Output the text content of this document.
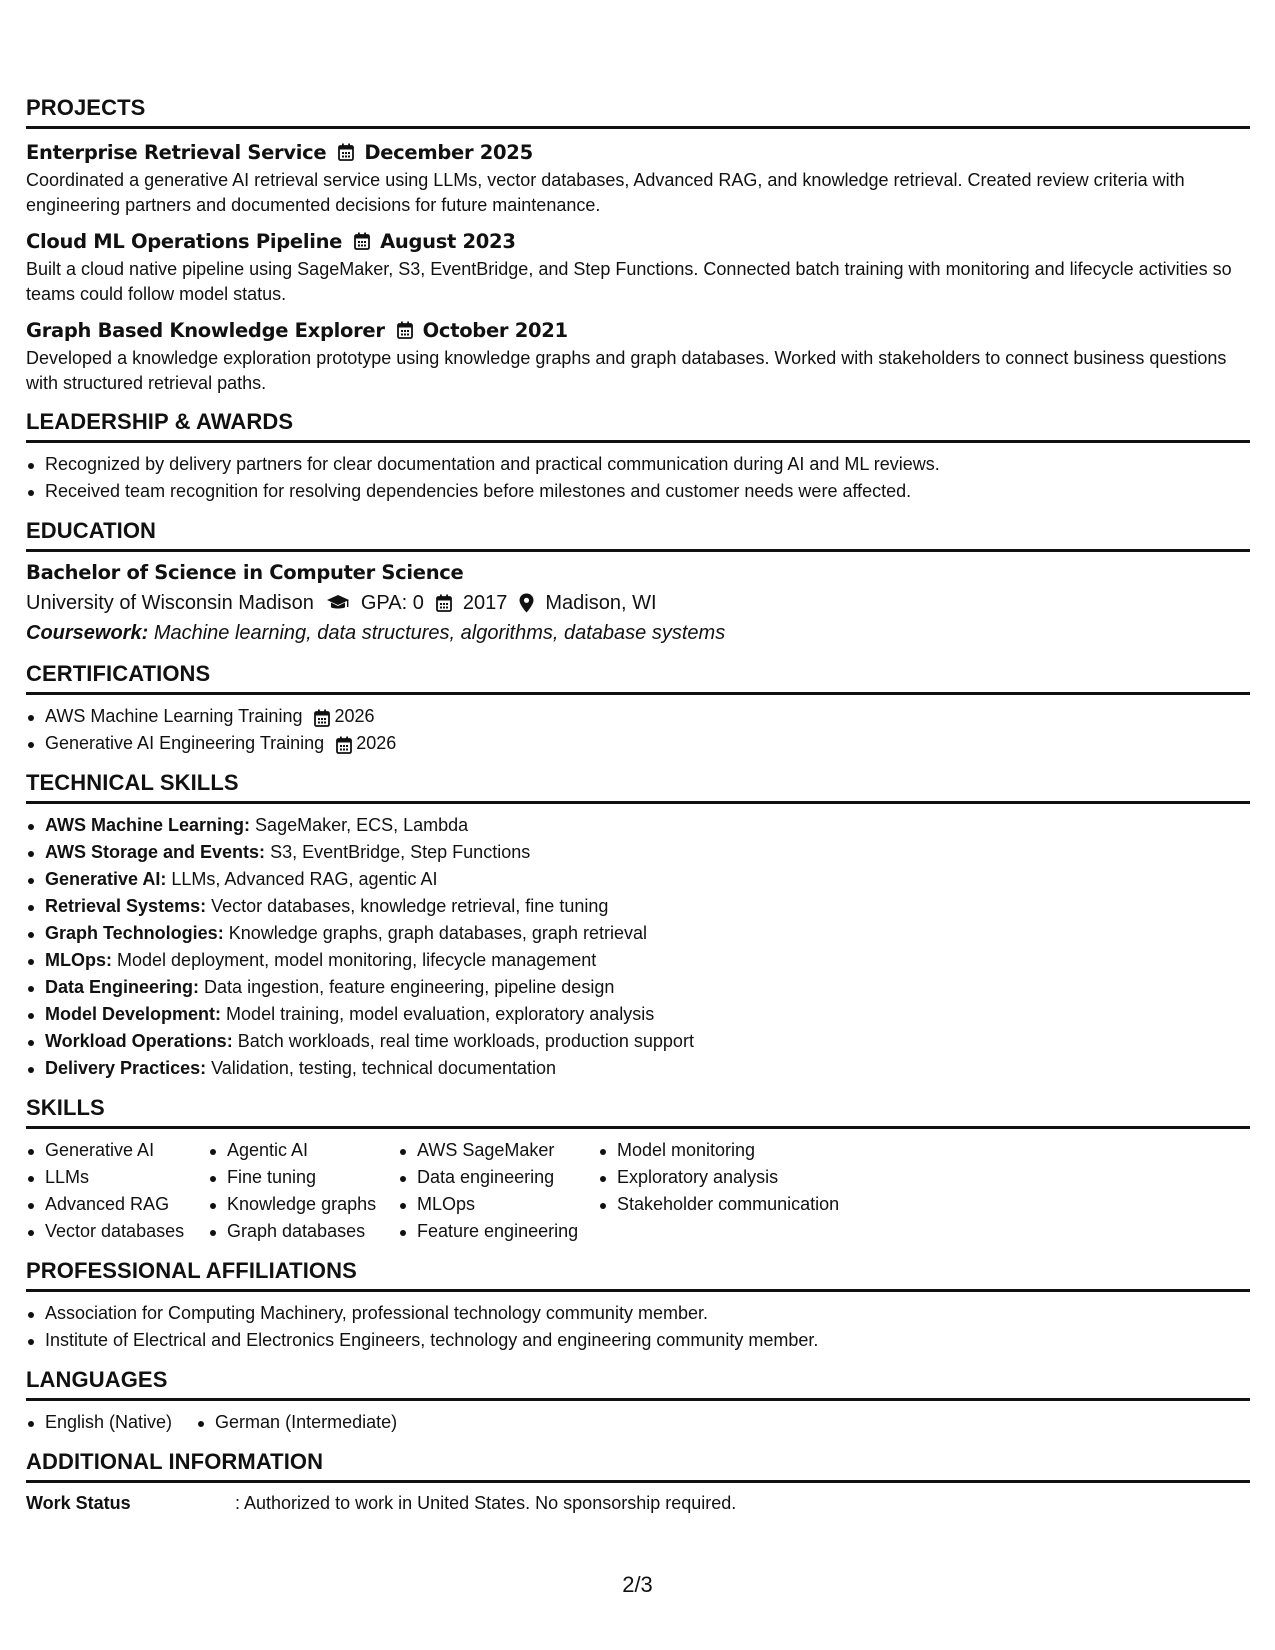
PROJECTS
Enterprise Retrieval Service December 2025
Coordinated a generative AI retrieval service using LLMs, vector databases, Advanced RAG, and knowledge retrieval. Created review criteria with engineering partners and documented decisions for future maintenance.
Cloud ML Operations Pipeline August 2023
Built a cloud native pipeline using SageMaker, S3, EventBridge, and Step Functions. Connected batch training with monitoring and lifecycle activities so teams could follow model status.
Graph Based Knowledge Explorer October 2021
Developed a knowledge exploration prototype using knowledge graphs and graph databases. Worked with stakeholders to connect business questions with structured retrieval paths.
LEADERSHIP & AWARDS
Recognized by delivery partners for clear documentation and practical communication during AI and ML reviews.
Received team recognition for resolving dependencies before milestones and customer needs were affected.
EDUCATION
Bachelor of Science in Computer Science
University of Wisconsin Madison GPA: 0 2017 Madison, WI
Coursework: Machine learning, data structures, algorithms, database systems
CERTIFICATIONS
AWS Machine Learning Training 2026
Generative AI Engineering Training 2026
TECHNICAL SKILLS
AWS Machine Learning: SageMaker, ECS, Lambda
AWS Storage and Events: S3, EventBridge, Step Functions
Generative AI: LLMs, Advanced RAG, agentic AI
Retrieval Systems: Vector databases, knowledge retrieval, fine tuning
Graph Technologies: Knowledge graphs, graph databases, graph retrieval
MLOps: Model deployment, model monitoring, lifecycle management
Data Engineering: Data ingestion, feature engineering, pipeline design
Model Development: Model training, model evaluation, exploratory analysis
Workload Operations: Batch workloads, real time workloads, production support
Delivery Practices: Validation, testing, technical documentation
SKILLS
Generative AI
LLMs
Advanced RAG
Vector databases
Agentic AI
Fine tuning
Knowledge graphs
Graph databases
AWS SageMaker
Data engineering
MLOps
Feature engineering
Model monitoring
Exploratory analysis
Stakeholder communication
PROFESSIONAL AFFILIATIONS
Association for Computing Machinery, professional technology community member.
Institute of Electrical and Electronics Engineers, technology and engineering community member.
LANGUAGES
English (Native)	German (Intermediate)
ADDITIONAL INFORMATION
Work Status	: Authorized to work in United States. No sponsorship required.
2/3
